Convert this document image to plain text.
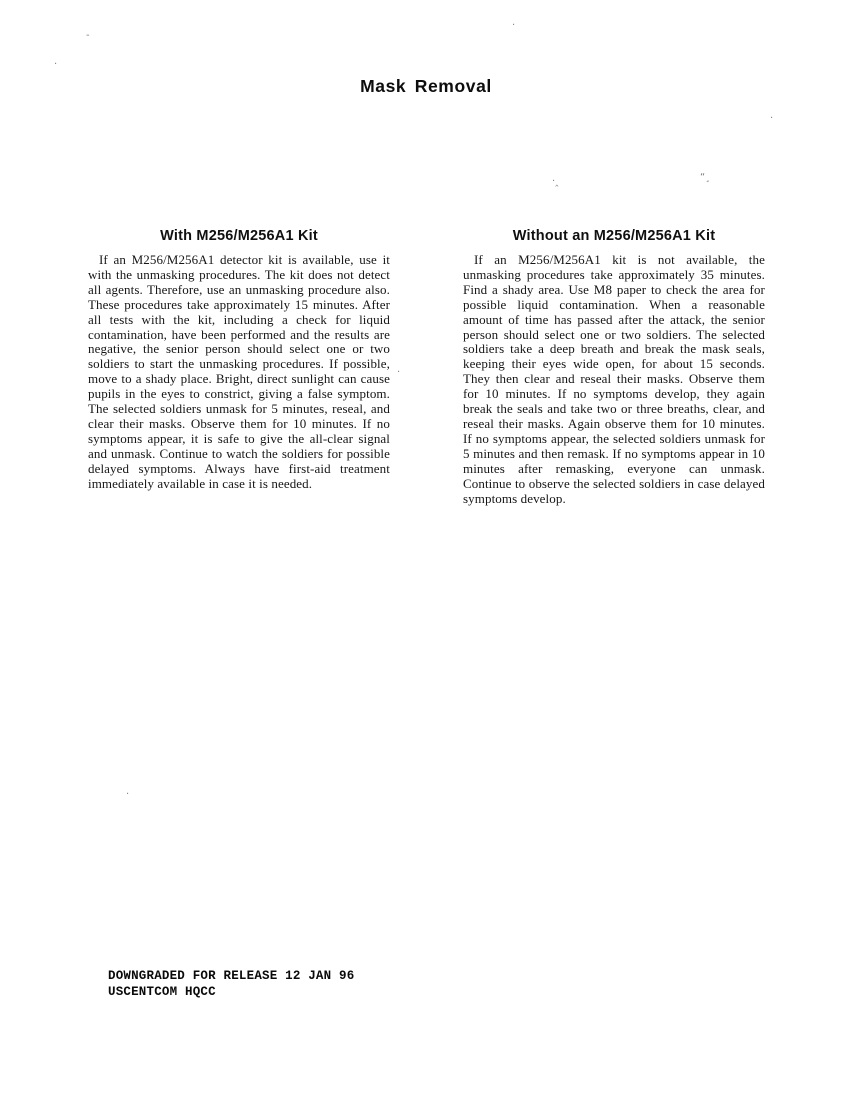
Mask Removal
With M256/M256A1 Kit

If an M256/M256A1 detector kit is available, use it with the unmasking procedures. The kit does not detect all agents. Therefore, use an unmasking procedure also. These procedures take approximately 15 minutes. After all tests with the kit, including a check for liquid contamination, have been performed and the results are negative, the senior person should select one or two soldiers to start the unmasking procedures. If possible, move to a shady place. Bright, direct sunlight can cause pupils in the eyes to constrict, giving a false symptom. The selected soldiers unmask for 5 minutes, reseal, and clear their masks. Observe them for 10 minutes. If no symptoms appear, it is safe to give the all-clear signal and unmask. Continue to watch the soldiers for possible delayed symptoms. Always have first-aid treatment immediately available in case it is needed.

Without an M256/M256A1 Kit

If an M256/M256A1 kit is not available, the unmasking procedures take approximately 35 minutes. Find a shady area. Use M8 paper to check the area for possible liquid contamination. When a reasonable amount of time has passed after the attack, the senior person should select one or two soldiers. The selected soldiers take a deep breath and break the mask seals, keeping their eyes wide open, for about 15 seconds. They then clear and reseal their masks. Observe them for 10 minutes. If no symptoms develop, they again break the seals and take two or three breaths, clear, and reseal their masks. Again observe them for 10 minutes. If no symptoms appear, the selected soldiers unmask for 5 minutes and then remask. If no symptoms appear in 10 minutes after remasking, everyone can unmask. Continue to observe the selected soldiers in case delayed symptoms develop.

DOWNGRADED FOR RELEASE 12 JAN 96
USCENTCOM HQCC
-
.
·‸	“¸
·
.
.
.
